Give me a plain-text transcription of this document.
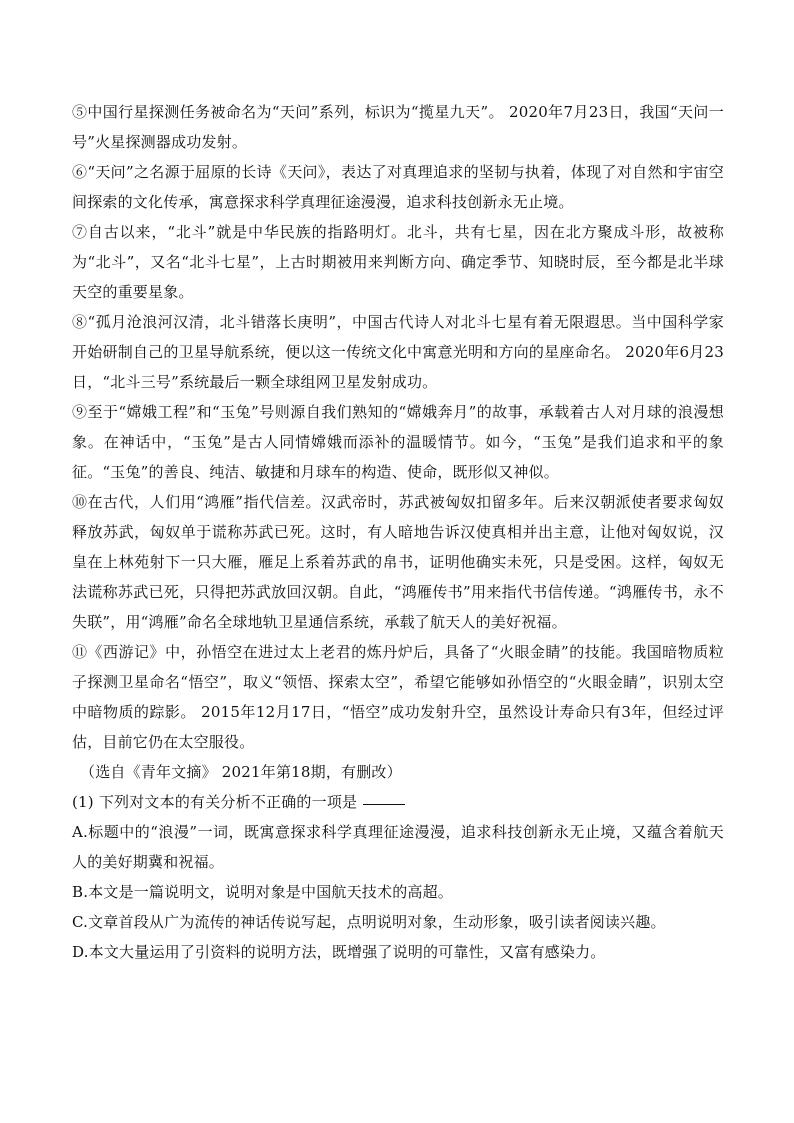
⑤中国行星探测任务被命名为“天问”系列，标识为“揽星九天”。 2020年7月23日，我国“天问一号”火星探测器成功发射。

⑥“天问”之名源于屈原的长诗《天问》，表达了对真理追求的坚韧与执着，体现了对自然和宇宙空间探索的文化传承，寓意探求科学真理征途漫漫，追求科技创新永无止境。

⑦自古以来，“北斗”就是中华民族的指路明灯。北斗，共有七星，因在北方聚成斗形，故被称为“北斗”，又名“北斗七星”，上古时期被用来判断方向、确定季节、知晓时辰，至今都是北半球天空的重要星象。

⑧“孤月沧浪河汉清，北斗错落长庚明”，中国古代诗人对北斗七星有着无限遐思。当中国科学家开始研制自己的卫星导航系统，便以这一传统文化中寓意光明和方向的星座命名。 2020年6月23日，“北斗三号”系统最后一颗全球组网卫星发射成功。

⑨至于“嫦娥工程”和“玉兔”号则源自我们熟知的“嫦娥奔月”的故事，承载着古人对月球的浪漫想象。在神话中，“玉兔”是古人同情嫦娥而添补的温暖情节。如今，“玉兔”是我们追求和平的象征。“玉兔”的善良、纯洁、敏捷和月球车的构造、使命，既形似又神似。

⑩在古代，人们用“鸿雁”指代信差。汉武帝时，苏武被匈奴扣留多年。后来汉朝派使者要求匈奴释放苏武，匈奴单于谎称苏武已死。这时，有人暗地告诉汉使真相并出主意，让他对匈奴说，汉皇在上林苑射下一只大雁，雁足上系着苏武的帛书，证明他确实未死，只是受困。这样，匈奴无法谎称苏武已死，只得把苏武放回汉朝。自此，“鸿雁传书”用来指代书信传递。“鸿雁传书，永不失联”，用“鸿雁”命名全球地轨卫星通信系统，承载了航天人的美好祝福。

⑪《西游记》中，孙悟空在进过太上老君的炼丹炉后，具备了“火眼金睛”的技能。我国暗物质粒子探测卫星命名“悟空”，取义“领悟、探索太空”，希望它能够如孙悟空的“火眼金睛”，识别太空中暗物质的踪影。 2015年12月17日，“悟空”成功发射升空，虽然设计寿命只有3年，但经过评估，目前它仍在太空服役。

（选自《青年文摘》 2021年第18期，有删改）

(1) 下列对文本的有关分析不正确的一项是

A.标题中的“浪漫”一词，既寓意探求科学真理征途漫漫，追求科技创新永无止境，又蕴含着航天人的美好期冀和祝福。

B.本文是一篇说明文，说明对象是中国航天技术的高超。

C.文章首段从广为流传的神话传说写起，点明说明对象，生动形象，吸引读者阅读兴趣。

D.本文大量运用了引资料的说明方法，既增强了说明的可靠性，又富有感染力。
